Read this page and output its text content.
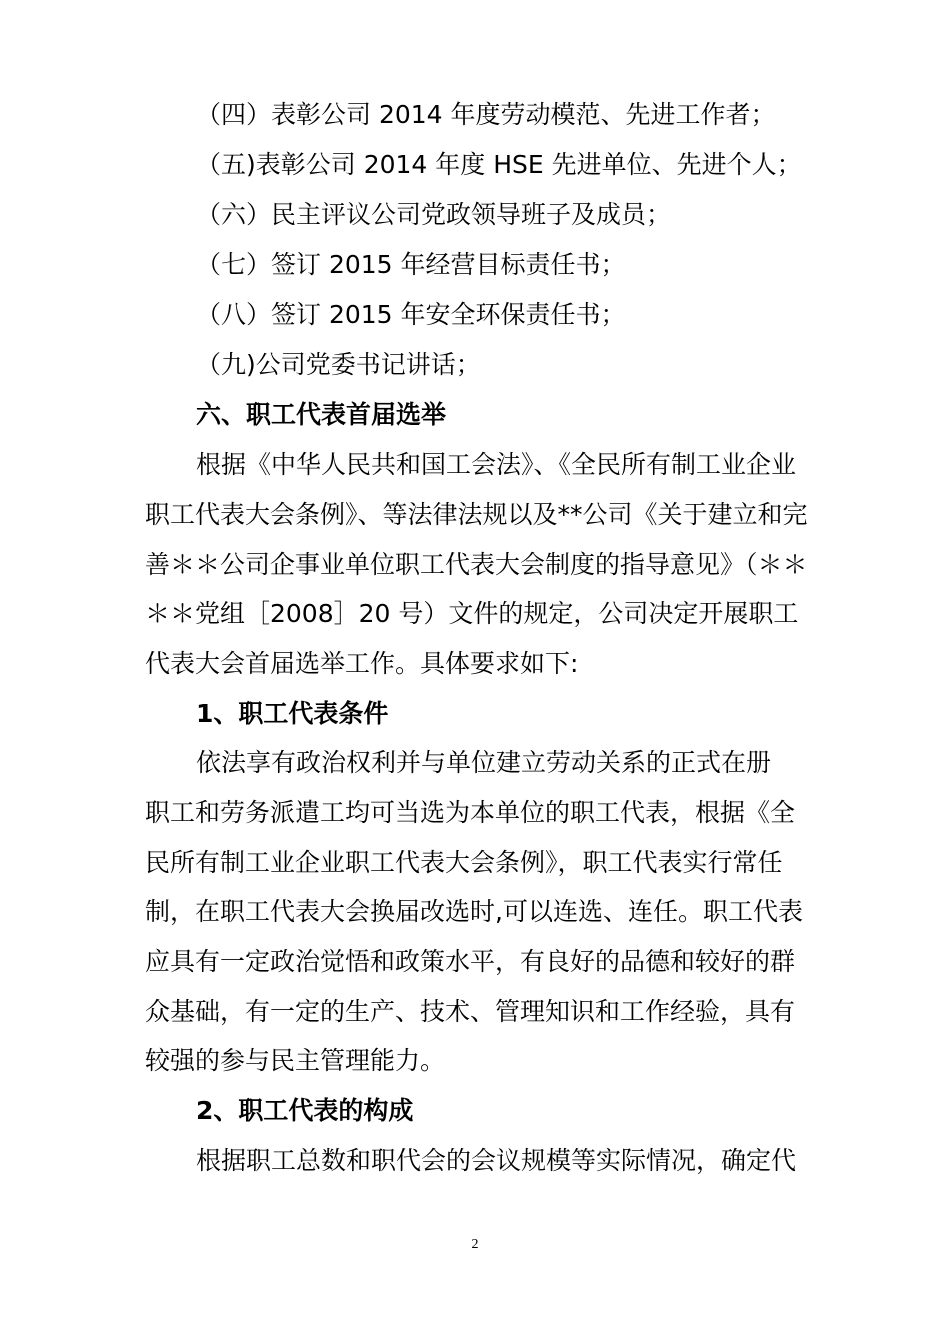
（四）表彰公司 2014 年度劳动模范、先进工作者；
（五)表彰公司 2014 年度 HSE 先进单位、先进个人；
（六）民主评议公司党政领导班子及成员；
（七）签订 2015 年经营目标责任书；
（八）签订 2015 年安全环保责任书；
（九)公司党委书记讲话；
六、职工代表首届选举
根据《中华人民共和国工会法》、《全民所有制工业企业
职工代表大会条例》、等法律法规以及**公司《关于建立和完
善＊＊公司企事业单位职工代表大会制度的指导意见》（＊＊
＊＊党组［2008］20 号）文件的规定，公司决定开展职工
代表大会首届选举工作。具体要求如下:
1、职工代表条件
依法享有政治权利并与单位建立劳动关系的正式在册
职工和劳务派遣工均可当选为本单位的职工代表，根据《全
民所有制工业企业职工代表大会条例》，职工代表实行常任
制，在职工代表大会换届改选时,可以连选、连任。职工代表
应具有一定政治觉悟和政策水平，有良好的品德和较好的群
众基础，有一定的生产、技术、管理知识和工作经验，具有
较强的参与民主管理能力。
2、职工代表的构成
根据职工总数和职代会的会议规模等实际情况，确定代
2
